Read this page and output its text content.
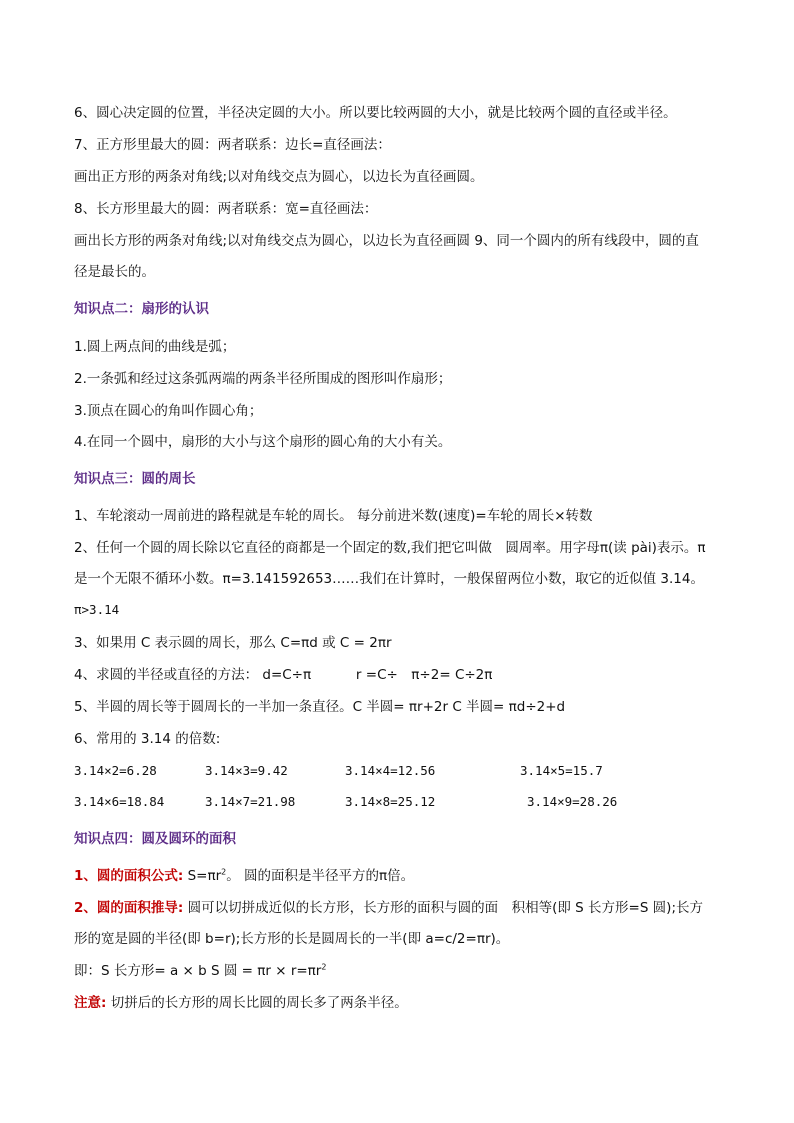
6、圆心决定圆的位置，半径决定圆的大小。所以要比较两圆的大小，就是比较两个圆的直径或半径。
7、正方形里最大的圆：两者联系：边长=直径画法：
画出正方形的两条对角线;以对角线交点为圆心，以边长为直径画圆。
8、长方形里最大的圆：两者联系：宽=直径画法：
画出长方形的两条对角线;以对角线交点为圆心，以边长为直径画圆 9、同一个圆内的所有线段中，圆的直
径是最长的。
知识点二：扇形的认识
1.圆上两点间的曲线是弧；
2.一条弧和经过这条弧两端的两条半径所围成的图形叫作扇形；
3.顶点在圆心的角叫作圆心角；
4.在同一个圆中，扇形的大小与这个扇形的圆心角的大小有关。
知识点三：圆的周长
1、车轮滚动一周前进的路程就是车轮的周长。 每分前进米数(速度)=车轮的周长×转数
2、任何一个圆的周长除以它直径的商都是一个固定的数,我们把它叫做　圆周率。用字母π(读 pài)表示。π
是一个无限不循环小数。π=3.141592653……我们在计算时，一般保留两位小数，取它的近似值 3.14。
π>3.14
3、如果用 C 表示圆的周长，那么 C=πd 或 C = 2πr
4、求圆的半径或直径的方法： d=C÷π　　　 r =C÷　π÷2= C÷2π
5、半圆的周长等于圆周长的一半加一条直径。C 半圆= πr+2r C 半圆= πd÷2+d
6、常用的 3.14 的倍数:
3.14×2=6.28	3.14×3=9.42	3.14×4=12.56	3.14×5=15.7
3.14×6=18.84	3.14×7=21.98	3.14×8=25.12	3.14×9=28.26
知识点四：圆及圆环的面积
1、圆的面积公式: $S=\pi r^2$。 圆的面积是半径平方的π倍。
2、圆的面积推导: 圆可以切拼成近似的长方形，长方形的面积与圆的面　积相等(即 S 长方形=S 圆);长方
形的宽是圆的半径(即 b=r);长方形的长是圆周长的一半(即 a=c/2=πr)。
即：S 长方形= a × b S 圆 = $\pi r \times r=\pi r^2$
注意: 切拼后的长方形的周长比圆的周长多了两条半径。
